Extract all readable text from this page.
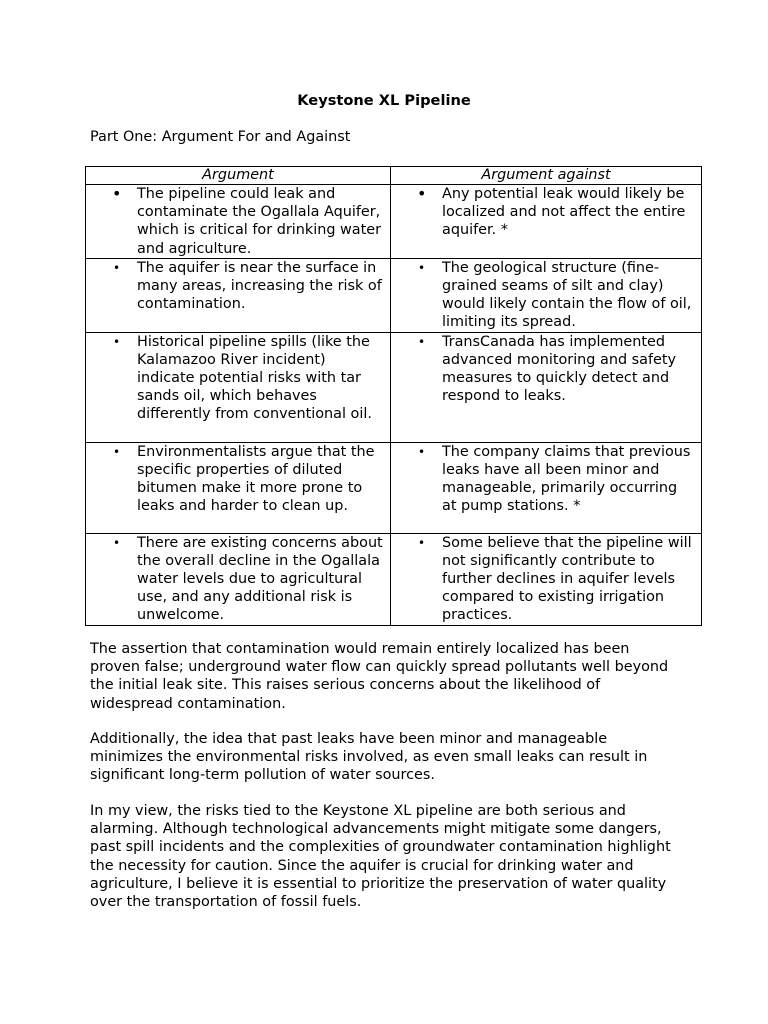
Keystone XL Pipeline
Part One: Argument For and Against
Argument	Argument against

• The pipeline could leak and contaminate the Ogallala Aquifer, which is critical for drinking water and agriculture.	• Any potential leak would likely be localized and not affect the entire aquifer. *

• The aquifer is near the surface in many areas, increasing the risk of contamination.	• The geological structure (fine-grained seams of silt and clay) would likely contain the flow of oil, limiting its spread.

• Historical pipeline spills (like the Kalamazoo River incident) indicate potential risks with tar sands oil, which behaves differently from conventional oil.	• TransCanada has implemented advanced monitoring and safety measures to quickly detect and respond to leaks.

• Environmentalists argue that the specific properties of diluted bitumen make it more prone to leaks and harder to clean up.	• The company claims that previous leaks have all been minor and manageable, primarily occurring at pump stations. *

• There are existing concerns about the overall decline in the Ogallala water levels due to agricultural use, and any additional risk is unwelcome.	• Some believe that the pipeline will not significantly contribute to further declines in aquifer levels compared to existing irrigation practices.
The assertion that contamination would remain entirely localized has been proven false; underground water flow can quickly spread pollutants well beyond the initial leak site. This raises serious concerns about the likelihood of widespread contamination.
Additionally, the idea that past leaks have been minor and manageable minimizes the environmental risks involved, as even small leaks can result in significant long-term pollution of water sources.
In my view, the risks tied to the Keystone XL pipeline are both serious and alarming. Although technological advancements might mitigate some dangers, past spill incidents and the complexities of groundwater contamination highlight the necessity for caution. Since the aquifer is crucial for drinking water and agriculture, I believe it is essential to prioritize the preservation of water quality over the transportation of fossil fuels.
